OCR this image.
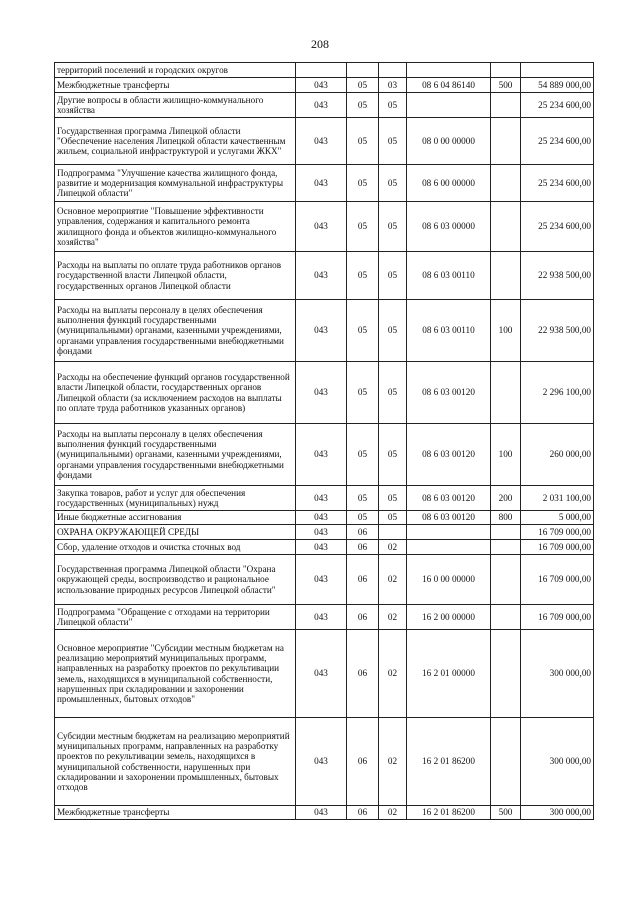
208
территорий поселений и городских округов						
Межбюджетные трансферты	043	05	03	08 6 04 86140	500	54 889 000,00
Другие вопросы в области жилищно-коммунального хозяйства	043	05	05			25 234 600,00
Государственная программа Липецкой области "Обеспечение населения Липецкой области качественным жильем, социальной инфраструктурой и услугами ЖКХ"	043	05	05	08 0 00 00000		25 234 600,00
Подпрограмма "Улучшение качества жилищного фонда, развитие и модернизация коммунальной инфраструктуры Липецкой области"	043	05	05	08 6 00 00000		25 234 600,00
Основное мероприятие "Повышение эффективности управления, содержания и капитального ремонта жилищного фонда и объектов жилищно-коммунального хозяйства"	043	05	05	08 6 03 00000		25 234 600,00
Расходы на выплаты по оплате труда работников органов государственной власти Липецкой области, государственных органов Липецкой области	043	05	05	08 6 03 00110		22 938 500,00
Расходы на выплаты персоналу в целях обеспечения выполнения функций государственными (муниципальными) органами, казенными учреждениями, органами управления государственными внебюджетными фондами	043	05	05	08 6 03 00110	100	22 938 500,00
Расходы на обеспечение функций органов государственной власти Липецкой области, государственных органов Липецкой области (за исключением расходов на выплаты по оплате труда работников указанных органов)	043	05	05	08 6 03 00120		2 296 100,00
Расходы на выплаты персоналу в целях обеспечения выполнения функций государственными (муниципальными) органами, казенными учреждениями, органами управления государственными внебюджетными фондами	043	05	05	08 6 03 00120	100	260 000,00
Закупка товаров, работ и услуг для обеспечения государственных (муниципальных) нужд	043	05	05	08 6 03 00120	200	2 031 100,00
Иные бюджетные ассигнования	043	05	05	08 6 03 00120	800	5 000,00
ОХРАНА ОКРУЖАЮЩЕЙ СРЕДЫ	043	06				16 709 000,00
Сбор, удаление отходов и очистка сточных вод	043	06	02			16 709 000,00
Государственная программа Липецкой области "Охрана окружающей среды, воспроизводство и рациональное использование природных ресурсов Липецкой области"	043	06	02	16 0 00 00000		16 709 000,00
Подпрограмма "Обращение с отходами на территории Липецкой области"	043	06	02	16 2 00 00000		16 709 000,00
Основное мероприятие "Субсидии местным бюджетам на реализацию мероприятий муниципальных программ, направленных на разработку проектов по рекультивации земель, находящихся в муниципальной собственности, нарушенных при складировании и захоронении промышленных, бытовых отходов"	043	06	02	16 2 01 00000		300 000,00
Субсидии местным бюджетам на реализацию мероприятий муниципальных программ, направленных на разработку проектов по рекультивации земель, находящихся в муниципальной собственности, нарушенных при складировании и захоронении промышленных, бытовых отходов	043	06	02	16 2 01 86200		300 000,00
Межбюджетные трансферты	043	06	02	16 2 01 86200	500	300 000,00
